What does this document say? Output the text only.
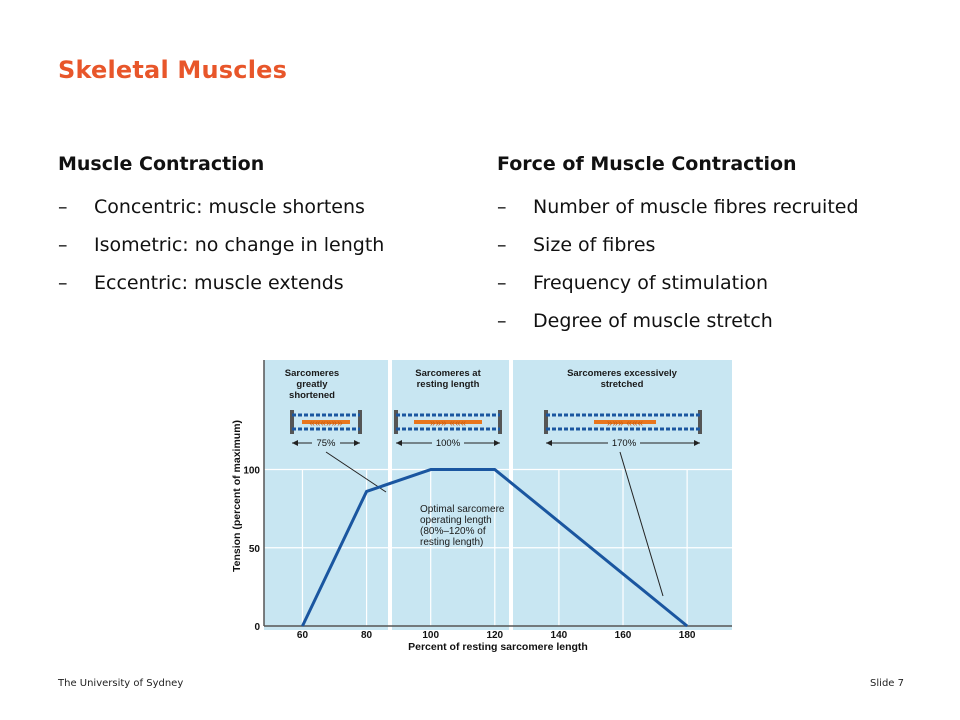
Skeletal Muscles
Muscle Contraction
– Concentric: muscle shortens
– Isometric: no change in length
– Eccentric: muscle extends
Force of Muscle Contraction
– Number of muscle fibres recruited
– Size of fibres
– Frequency of stimulation
– Degree of muscle stretch
Sarcomeres greatly shortened
Sarcomeres at resting length
Sarcomeres excessively stretched
«««»»»	»»» «««	»»» «««
75%	100%	170%
Optimal sarcomere operating length (80%–120% of resting length)
60	80	100	120	140	160	180
0
50
100
Percent of resting sarcomere length
Tension (percent of maximum)
The University of Sydney	Slide 7
